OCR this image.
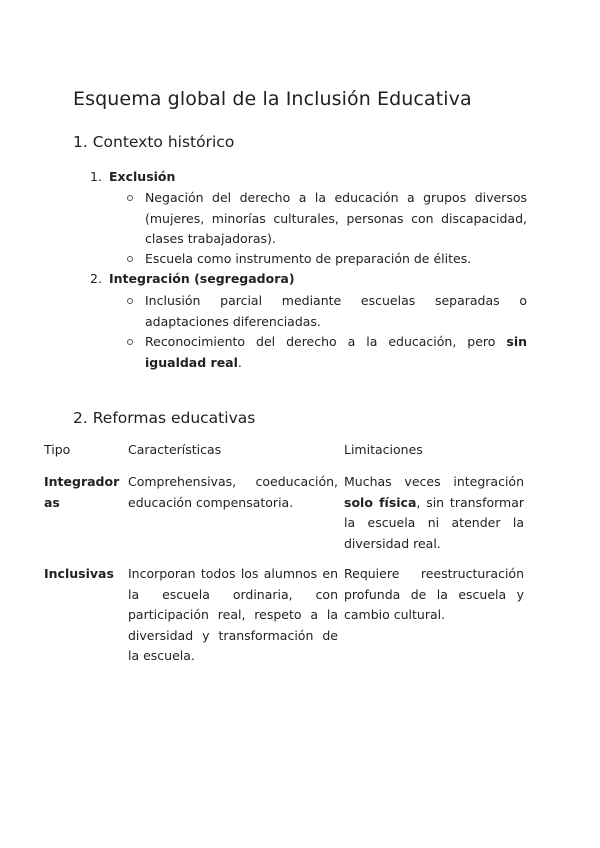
Esquema global de la Inclusión Educativa
1. Contexto histórico
1. Exclusión
Negación del derecho a la educación a grupos diversos (mujeres, minorías culturales, personas con discapacidad, clases trabajadoras).
Escuela como instrumento de preparación de élites.
2. Integración (segregadora)
Inclusión parcial mediante escuelas separadas o adaptaciones diferenciadas.
Reconocimiento del derecho a la educación, pero sin igualdad real.
2. Reformas educativas
Tipo	Características	Limitaciones
Integradoras	Comprehensivas, coeducación, educación compensatoria.	Muchas veces integración solo física, sin transformar la escuela ni atender la diversidad real.
Inclusivas	Incorporan todos los alumnos en la escuela ordinaria, con participación real, respeto a la diversidad y transformación de la escuela.	Requiere reestructuración profunda de la escuela y cambio cultural.
